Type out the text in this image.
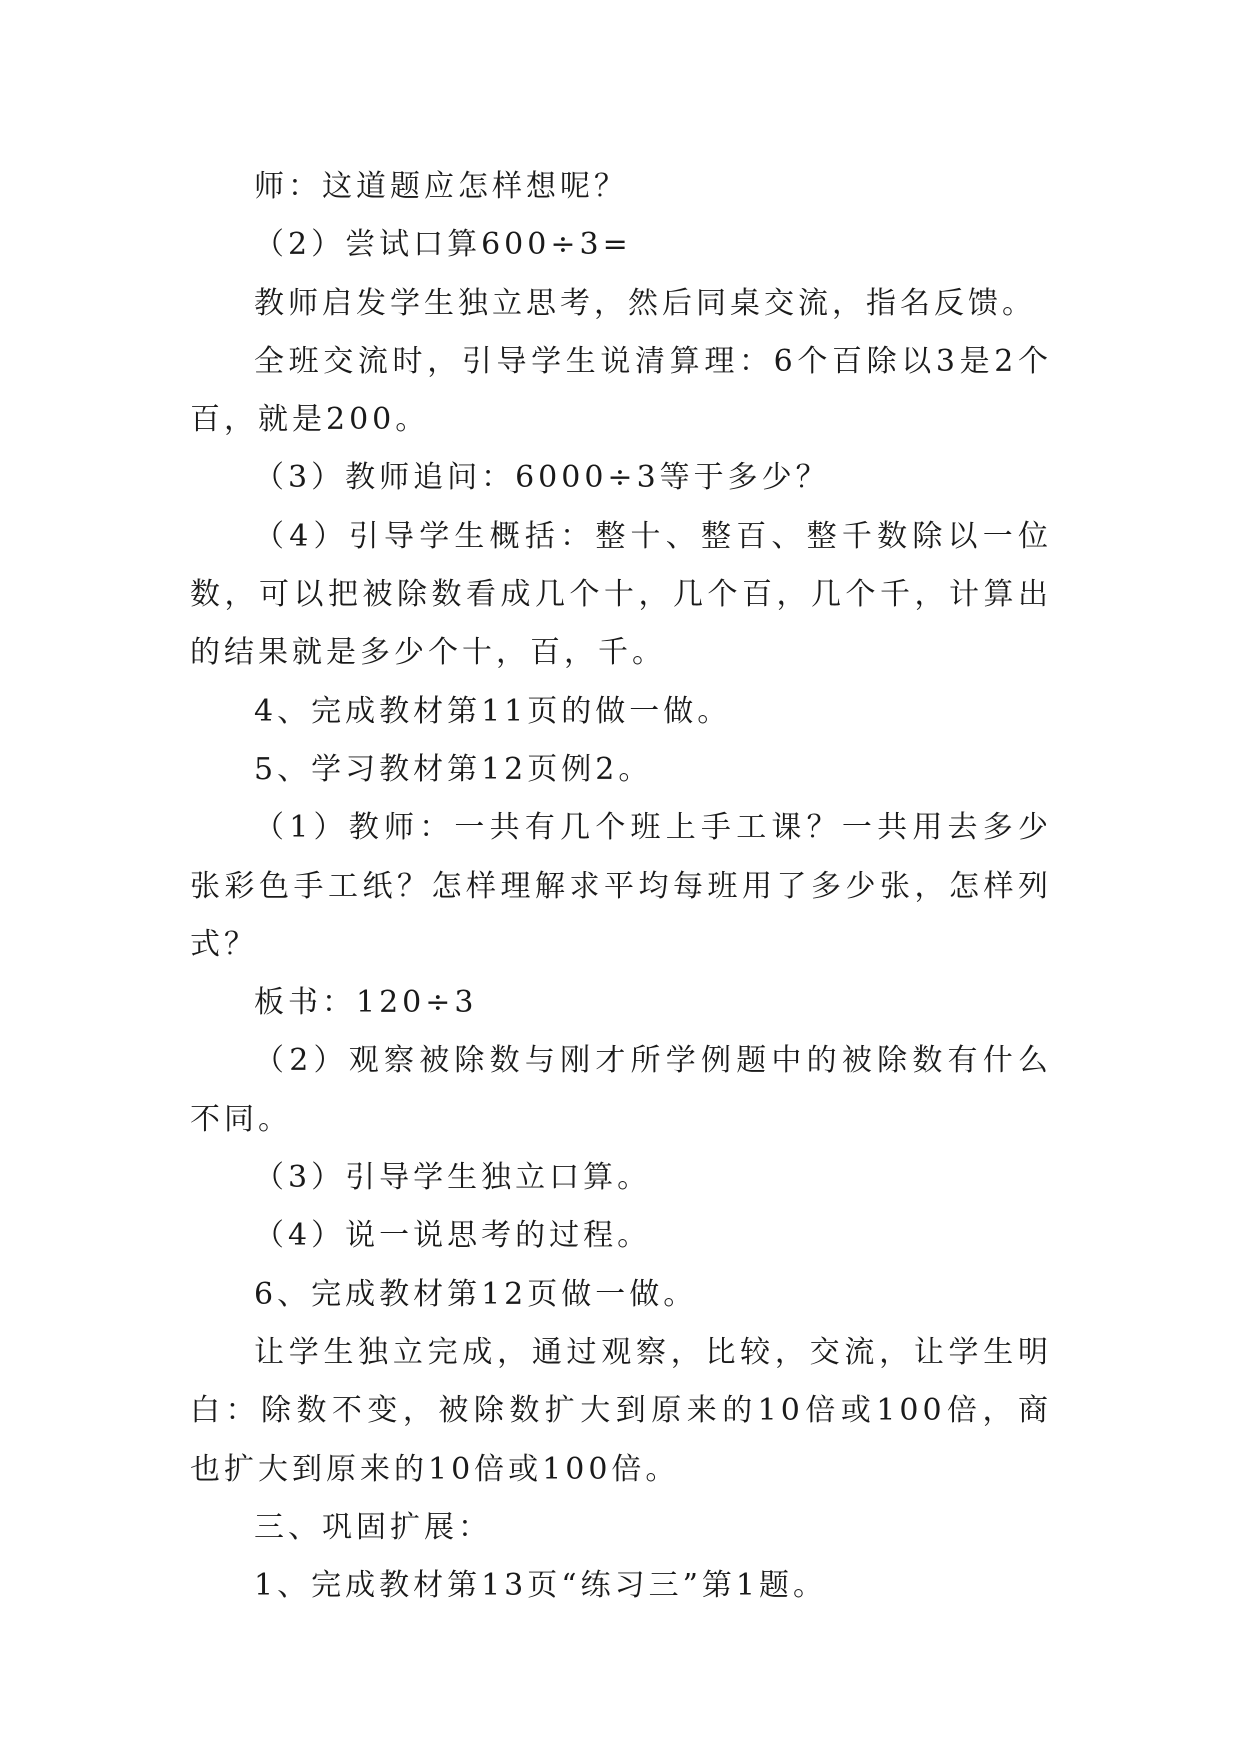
师：这道题应怎样想呢？

（2）尝试口算600÷3=

教师启发学生独立思考，然后同桌交流，指名反馈。

全班交流时，引导学生说清算理：6个百除以3是2个百，就是200。

（3）教师追问：6000÷3等于多少？

（4）引导学生概括：整十、整百、整千数除以一位数，可以把被除数看成几个十，几个百，几个千，计算出的结果就是多少个十，百，千。

4、完成教材第11页的做一做。

5、学习教材第12页例2。

（1）教师：一共有几个班上手工课？一共用去多少张彩色手工纸？怎样理解求平均每班用了多少张，怎样列式？

板书：120÷3

（2）观察被除数与刚才所学例题中的被除数有什么不同。

（3）引导学生独立口算。

（4）说一说思考的过程。

6、完成教材第12页做一做。

让学生独立完成，通过观察，比较，交流，让学生明白：除数不变，被除数扩大到原来的10倍或100倍，商也扩大到原来的10倍或100倍。

三、巩固扩展：

1、完成教材第13页“练习三”第1题。
